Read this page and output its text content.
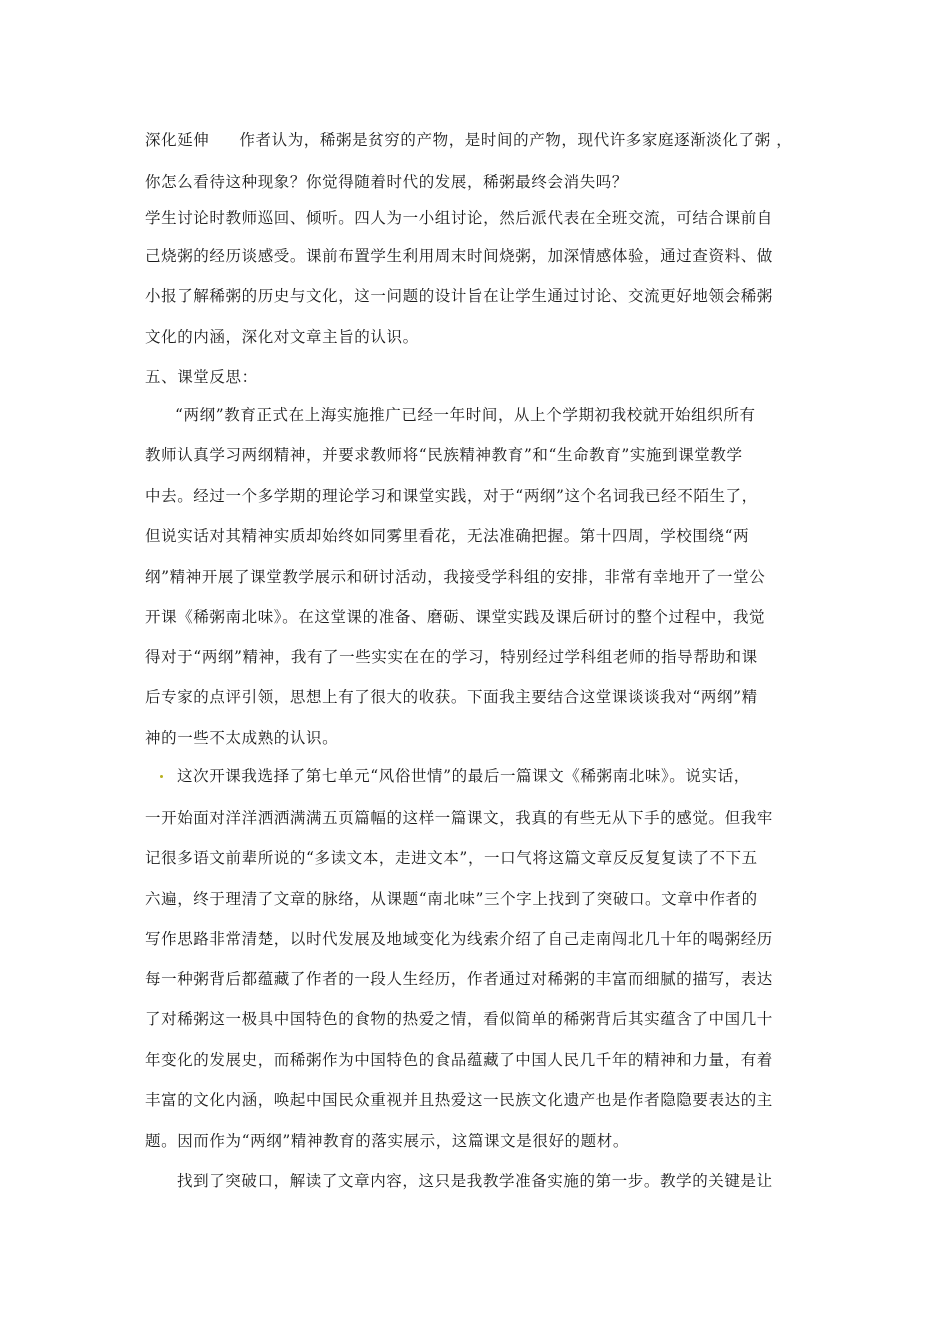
深化延伸 作者认为，稀粥是贫穷的产物，是时间的产物，现代许多家庭逐渐淡化了粥 ，
你怎么看待这种现象？你觉得随着时代的发展，稀粥最终会消失吗？
学生讨论时教师巡回、倾听。四人为一小组讨论，然后派代表在全班交流，可结合课前自
己烧粥的经历谈感受。课前布置学生利用周末时间烧粥，加深情感体验，通过查资料、做
小报了解稀粥的历史与文化，这一问题的设计旨在让学生通过讨论、交流更好地领会稀粥
文化的内涵，深化对文章主旨的认识。
五、课堂反思：
“两纲”教育正式在上海实施推广已经一年时间，从上个学期初我校就开始组织所有
教师认真学习两纲精神，并要求教师将“民族精神教育”和“生命教育”实施到课堂教学
中去。经过一个多学期的理论学习和课堂实践，对于“两纲”这个名词我已经不陌生了，
但说实话对其精神实质却始终如同雾里看花，无法准确把握。第十四周，学校围绕“两
纲”精神开展了课堂教学展示和研讨活动，我接受学科组的安排，非常有幸地开了一堂公
开课《稀粥南北味》。在这堂课的准备、磨砺、课堂实践及课后研讨的整个过程中，我觉
得对于“两纲”精神，我有了一些实实在在的学习，特别经过学科组老师的指导帮助和课
后专家的点评引领，思想上有了很大的收获。下面我主要结合这堂课谈谈我对“两纲”精
神的一些不太成熟的认识。
这次开课我选择了第七单元“风俗世情”的最后一篇课文《稀粥南北味》。说实话，
一开始面对洋洋洒洒满满五页篇幅的这样一篇课文，我真的有些无从下手的感觉。但我牢
记很多语文前辈所说的“多读文本，走进文本”，一口气将这篇文章反反复复读了不下五
六遍，终于理清了文章的脉络，从课题“南北味”三个字上找到了突破口。文章中作者的
写作思路非常清楚，以时代发展及地域变化为线索介绍了自己走南闯北几十年的喝粥经历
每一种粥背后都蕴藏了作者的一段人生经历，作者通过对稀粥的丰富而细腻的描写，表达
了对稀粥这一极具中国特色的食物的热爱之情，看似简单的稀粥背后其实蕴含了中国几十
年变化的发展史，而稀粥作为中国特色的食品蕴藏了中国人民几千年的精神和力量，有着
丰富的文化内涵，唤起中国民众重视并且热爱这一民族文化遗产也是作者隐隐要表达的主
题。因而作为“两纲”精神教育的落实展示，这篇课文是很好的题材。
找到了突破口，解读了文章内容，这只是我教学准备实施的第一步。教学的关键是让
